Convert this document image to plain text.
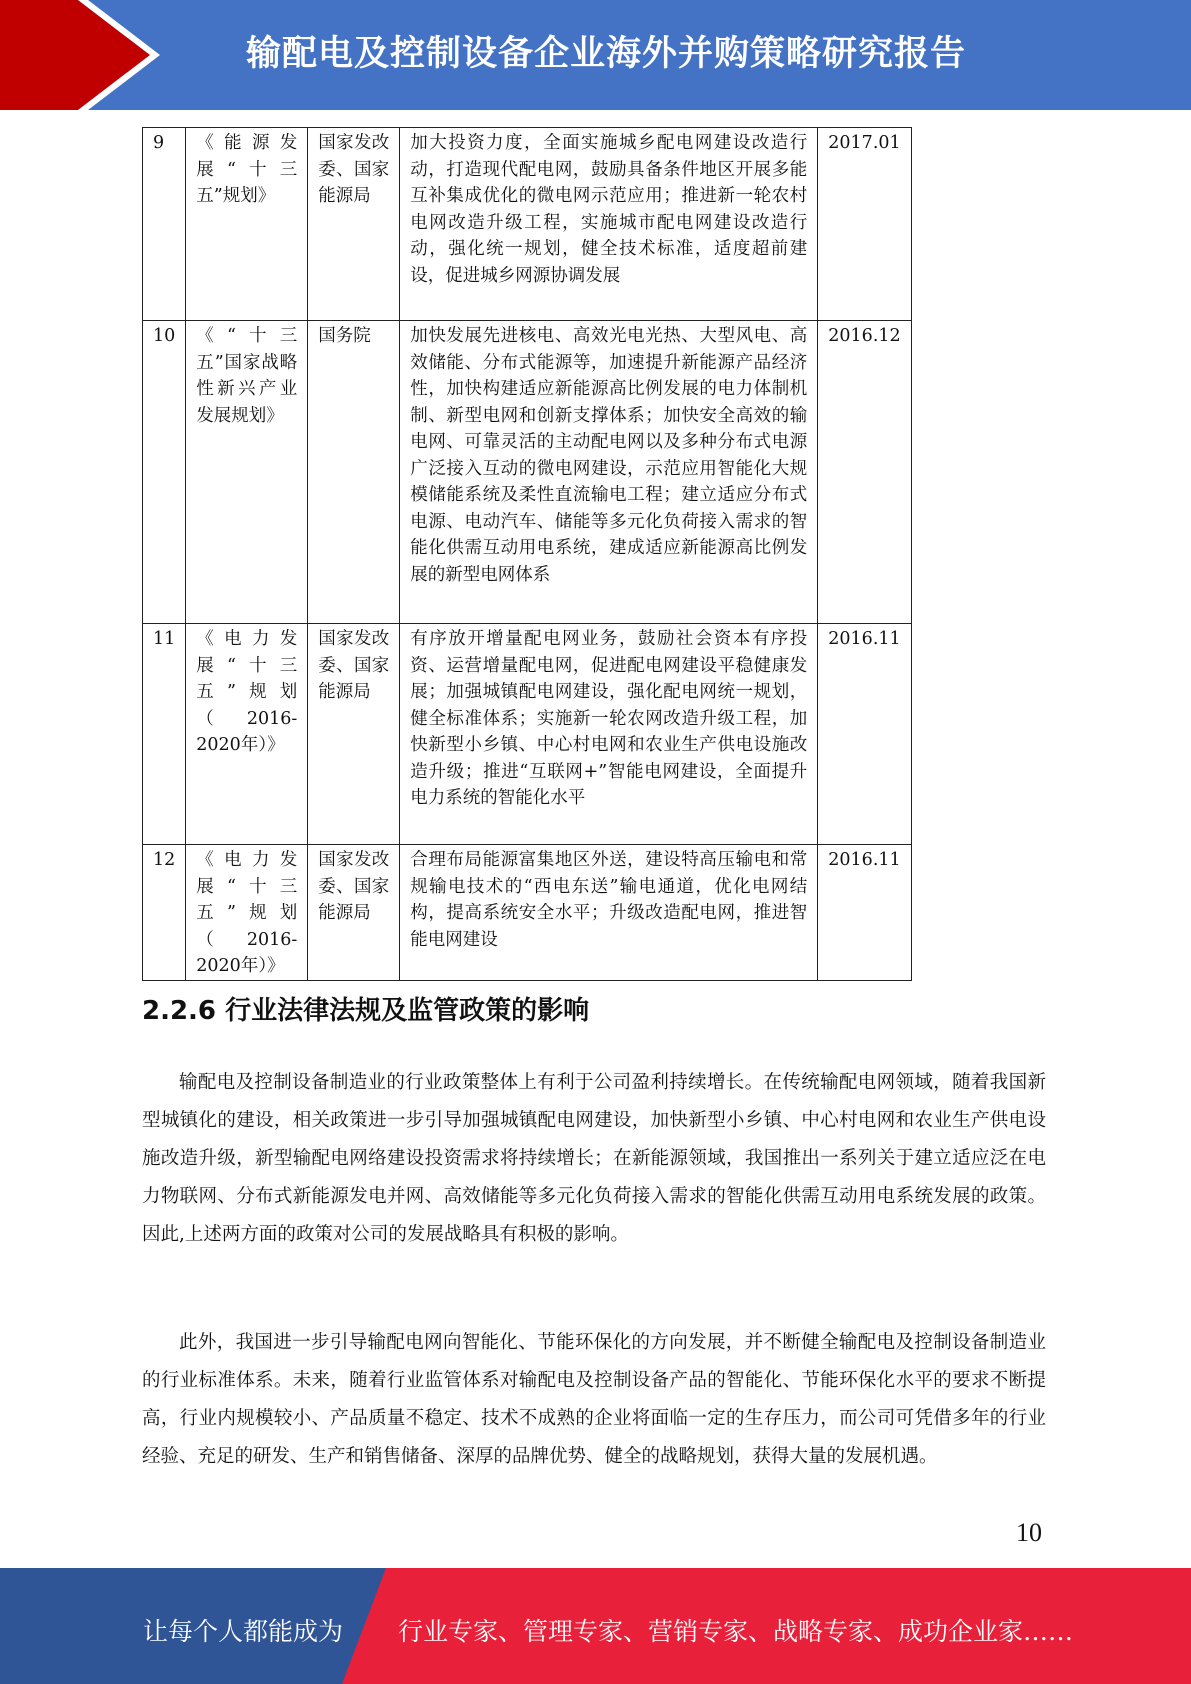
输配电及控制设备企业海外并购策略研究报告
9	《能源发展“十三五”规划》	国家发改委、国家能源局	加大投资力度，全面实施城乡配电网建设改造行动，打造现代配电网，鼓励具备条件地区开展多能互补集成优化的微电网示范应用；推进新一轮农村电网改造升级工程，实施城市配电网建设改造行动，强化统一规划，健全技术标准，适度超前建设，促进城乡网源协调发展	2017.01
10	《“十三五”国家战略性新兴产业发展规划》	国务院	加快发展先进核电、高效光电光热、大型风电、高效储能、分布式能源等，加速提升新能源产品经济性，加快构建适应新能源高比例发展的电力体制机制、新型电网和创新支撑体系；加快安全高效的输电网、可靠灵活的主动配电网以及多种分布式电源广泛接入互动的微电网建设，示范应用智能化大规模储能系统及柔性直流输电工程；建立适应分布式电源、电动汽车、储能等多元化负荷接入需求的智能化供需互动用电系统，建成适应新能源高比例发展的新型电网体系	2016.12
11	《电力发展“十三五”规划（2016-2020年）》	国家发改委、国家能源局	有序放开增量配电网业务，鼓励社会资本有序投资、运营增量配电网，促进配电网建设平稳健康发展；加强城镇配电网建设，强化配电网统一规划，健全标准体系；实施新一轮农网改造升级工程，加快新型小乡镇、中心村电网和农业生产供电设施改造升级；推进“互联网+”智能电网建设，全面提升电力系统的智能化水平	2016.11
12	《电力发展“十三五”规划（2016-2020年）》	国家发改委、国家能源局	合理布局能源富集地区外送，建设特高压输电和常规输电技术的“西电东送”输电通道，优化电网结构，提高系统安全水平；升级改造配电网，推进智能电网建设	2016.11
2.2.6 行业法律法规及监管政策的影响

输配电及控制设备制造业的行业政策整体上有利于公司盈利持续增长。在传统输配电网领域，随着我国新型城镇化的建设，相关政策进一步引导加强城镇配电网建设，加快新型小乡镇、中心村电网和农业生产供电设施改造升级，新型输配电网络建设投资需求将持续增长；在新能源领域，我国推出一系列关于建立适应泛在电力物联网、分布式新能源发电并网、高效储能等多元化负荷接入需求的智能化供需互动用电系统发展的政策。因此,上述两方面的政策对公司的发展战略具有积极的影响。

此外，我国进一步引导输配电网向智能化、节能环保化的方向发展，并不断健全输配电及控制设备制造业的行业标准体系。未来，随着行业监管体系对输配电及控制设备产品的智能化、节能环保化水平的要求不断提高，行业内规模较小、产品质量不稳定、技术不成熟的企业将面临一定的生存压力，而公司可凭借多年的行业经验、充足的研发、生产和销售储备、深厚的品牌优势、健全的战略规划，获得大量的发展机遇。

10
让每个人都能成为 行业专家、管理专家、营销专家、战略专家、成功企业家……
